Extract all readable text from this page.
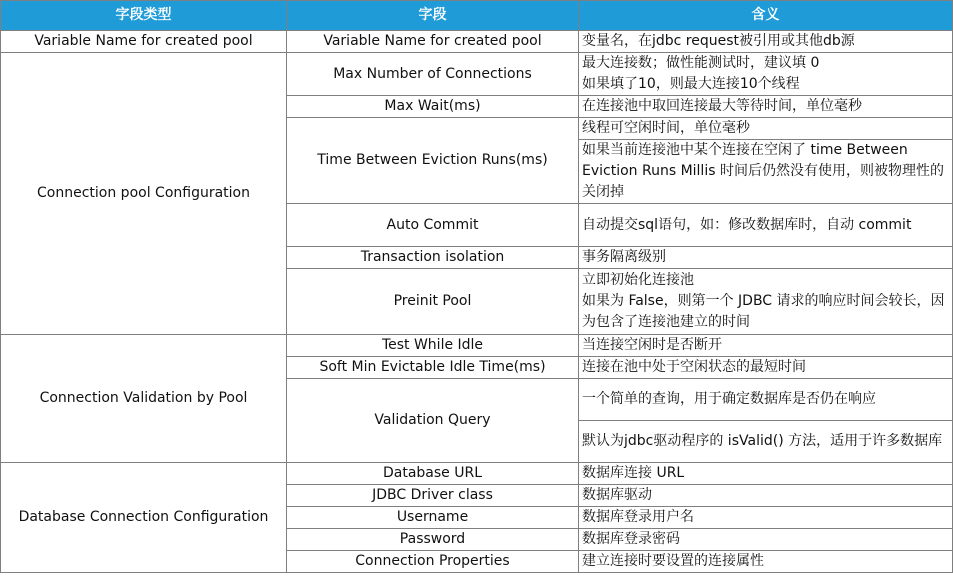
字段类型	字段	含义
Variable Name for created pool	Variable Name for created pool	变量名，在jdbc request被引用或其他db源
Connection pool Configuration	Max Number of Connections	最大连接数；做性能测试时，建议填 0
如果填了10，则最大连接10个线程

	Max Wait(ms)	在连接池中取回连接最大等待时间，单位毫秒
	Time Between Eviction Runs(ms)	线程可空闲时间，单位毫秒
		如果当前连接池中某个连接在空闲了 time Between Eviction Runs Millis 时间后仍然没有使用，则被物理性的关闭掉
	Auto Commit	自动提交sql语句，如：修改数据库时，自动 commit
	Transaction isolation	事务隔离级别
	Preinit Pool	立即初始化连接池
如果为 False，则第一个 JDBC 请求的响应时间会较长，因为包含了连接池建立的时间

Connection Validation by Pool	Test While Idle	当连接空闲时是否断开
	Soft Min Evictable Idle Time(ms)	连接在池中处于空闲状态的最短时间
	Validation Query	一个简单的查询，用于确定数据库是否仍在响应
		默认为jdbc驱动程序的 isValid() 方法，适用于许多数据库
Database Connection Configuration	Database URL	数据库连接 URL
	JDBC Driver class	数据库驱动
	Username	数据库登录用户名
	Password	数据库登录密码
	Connection Properties	建立连接时要设置的连接属性
